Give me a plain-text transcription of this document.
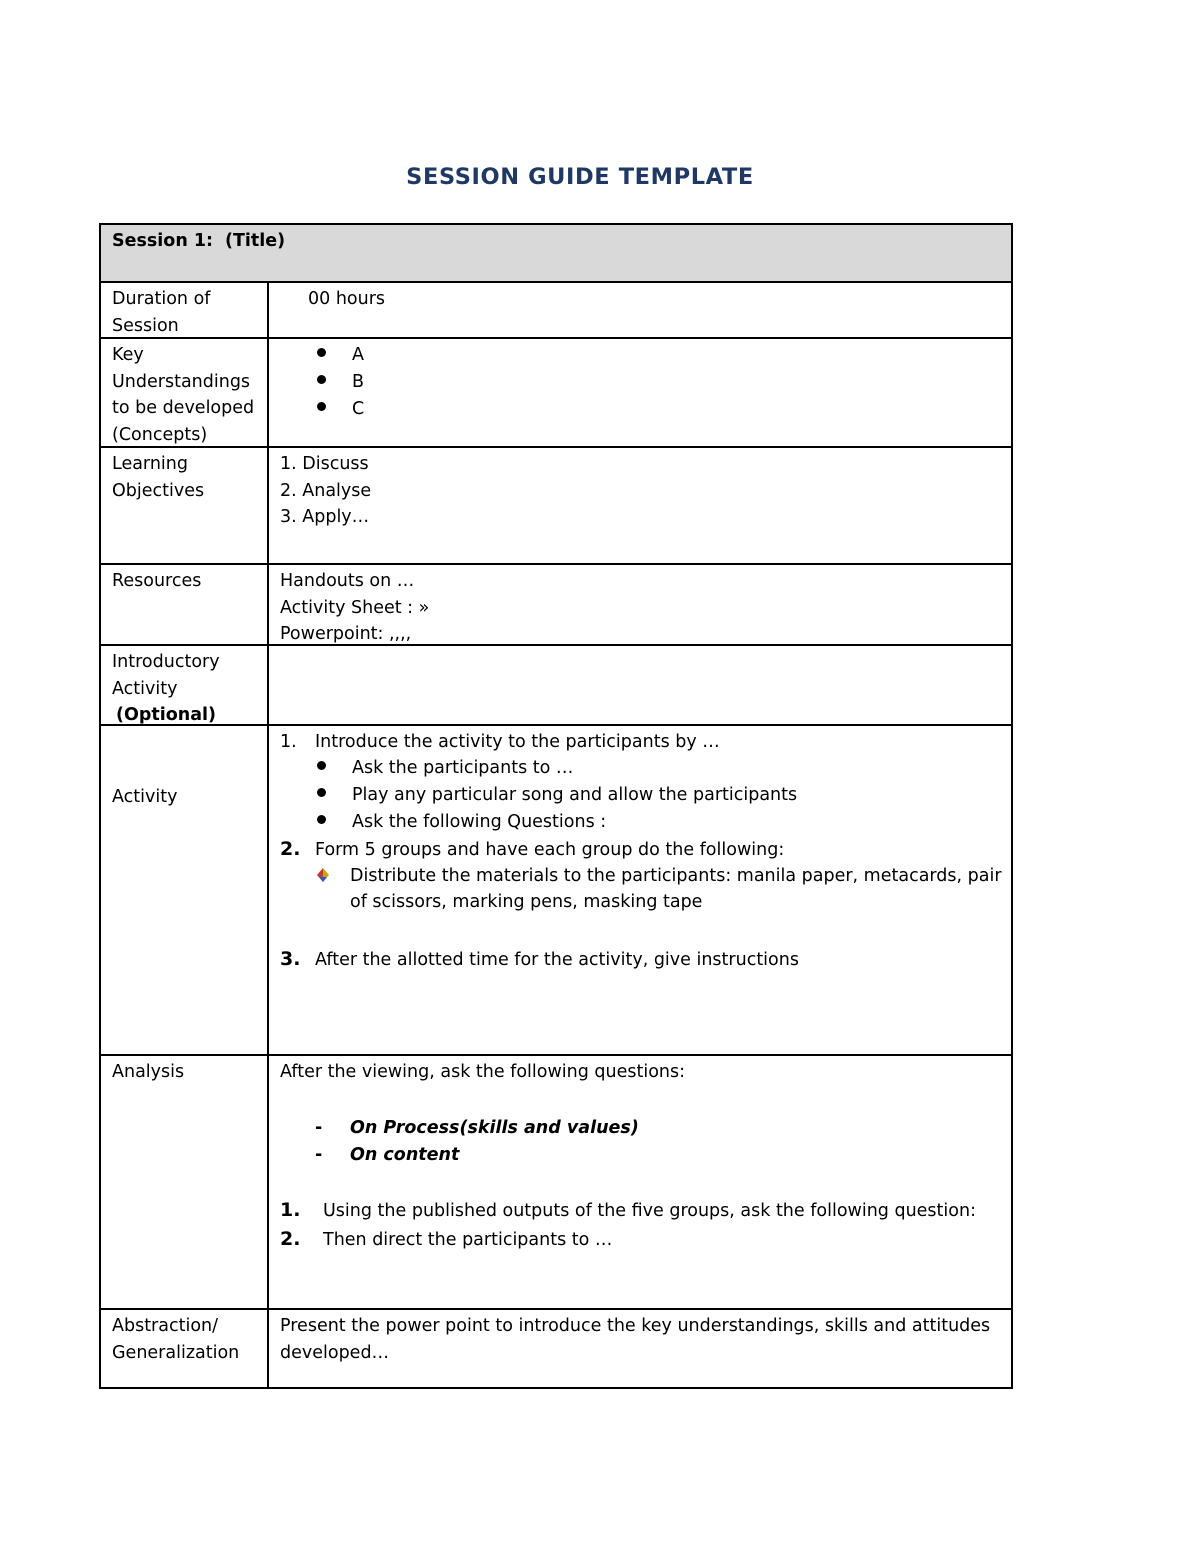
SESSION GUIDE TEMPLATE
Session 1: (Title)
Duration of
Session
00 hours
Key
Understandings
to be developed
(Concepts)
A
B
C
Learning
Objectives
1. Discuss
2. Analyse
3. Apply…
Resources	Handouts on …
Activity Sheet : »
Powerpoint: ,,,,
Introductory
Activity
(Optional)
Activity
1. Introduce the activity to the participants by …
Ask the participants to …
Play any particular song and allow the participants
Ask the following Questions :
2. Form 5 groups and have each group do the following:
Distribute the materials to the participants: manila paper, metacards, pair
of scissors, marking pens, masking tape
3. After the allotted time for the activity, give instructions
Analysis	After the viewing, ask the following questions:
- On Process(skills and values)
- On content
1. Using the published outputs of the five groups, ask the following question:
2. Then direct the participants to …
Abstraction/
Generalization
Present the power point to introduce the key understandings, skills and attitudes
developed…
